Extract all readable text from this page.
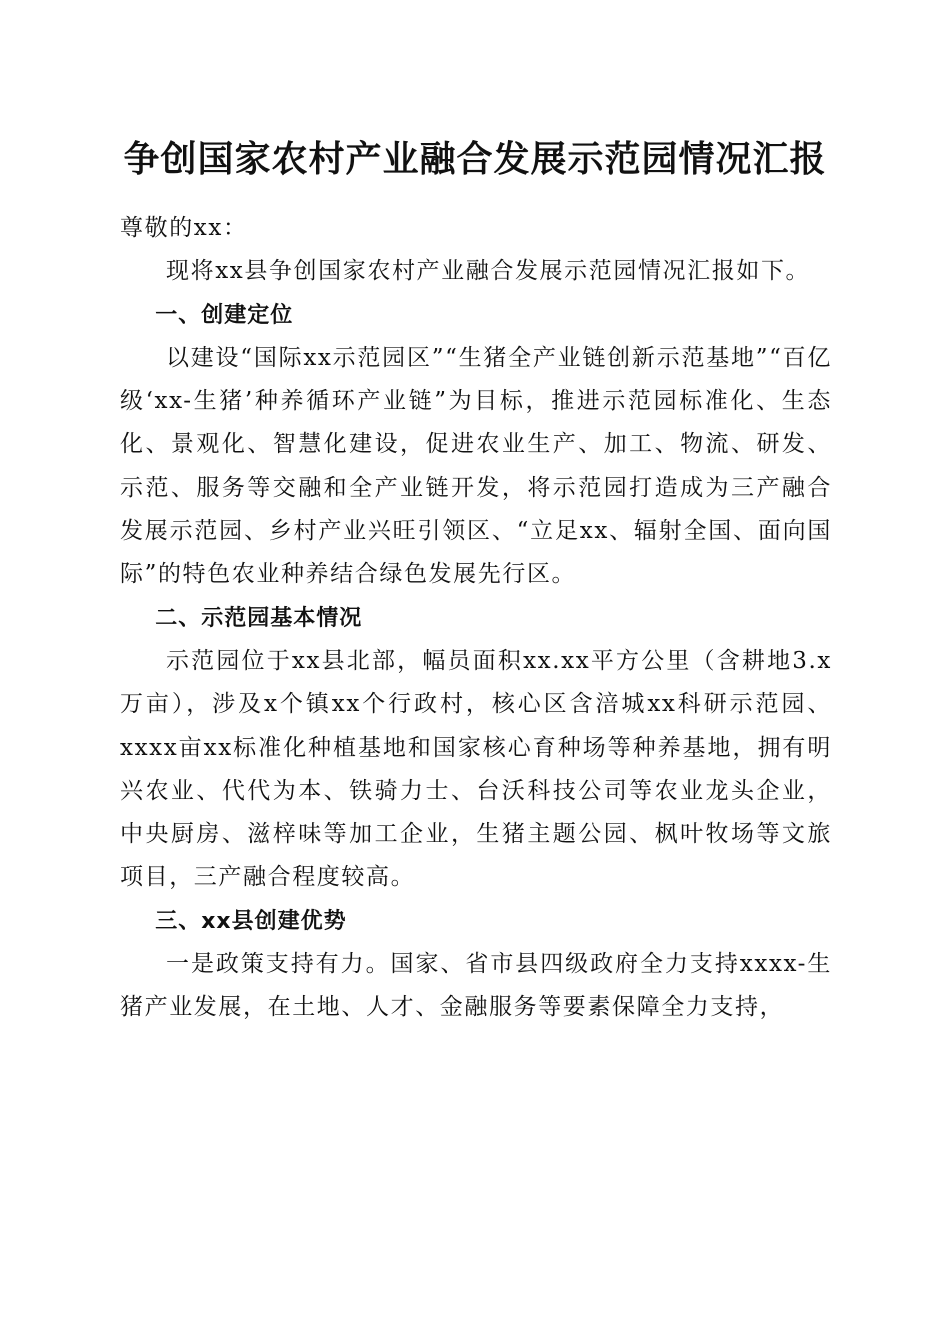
争创国家农村产业融合发展示范园情况汇报

尊敬的xx：

现将xx县争创国家农村产业融合发展示范园情况汇报如下。

一、创建定位

以建设“国际xx示范园区”“生猪全产业链创新示范基地”“百亿级‘xx-生猪’种养循环产业链”为目标，推进示范园标准化、生态化、景观化、智慧化建设，促进农业生产、加工、物流、研发、示范、服务等交融和全产业链开发，将示范园打造成为三产融合发展示范园、乡村产业兴旺引领区、“立足xx、辐射全国、面向国际”的特色农业种养结合绿色发展先行区。

二、示范园基本情况

示范园位于xx县北部，幅员面积xx.xx平方公里（含耕地3.x万亩），涉及x个镇xx个行政村，核心区含涪城xx科研示范园、xxxx亩xx标准化种植基地和国家核心育种场等种养基地，拥有明兴农业、代代为本、铁骑力士、台沃科技公司等农业龙头企业，中央厨房、滋梓味等加工企业，生猪主题公园、枫叶牧场等文旅项目，三产融合程度较高。

三、xx县创建优势

一是政策支持有力。国家、省市县四级政府全力支持xxxx-生猪产业发展，在土地、人才、金融服务等要素保障全力支持，
